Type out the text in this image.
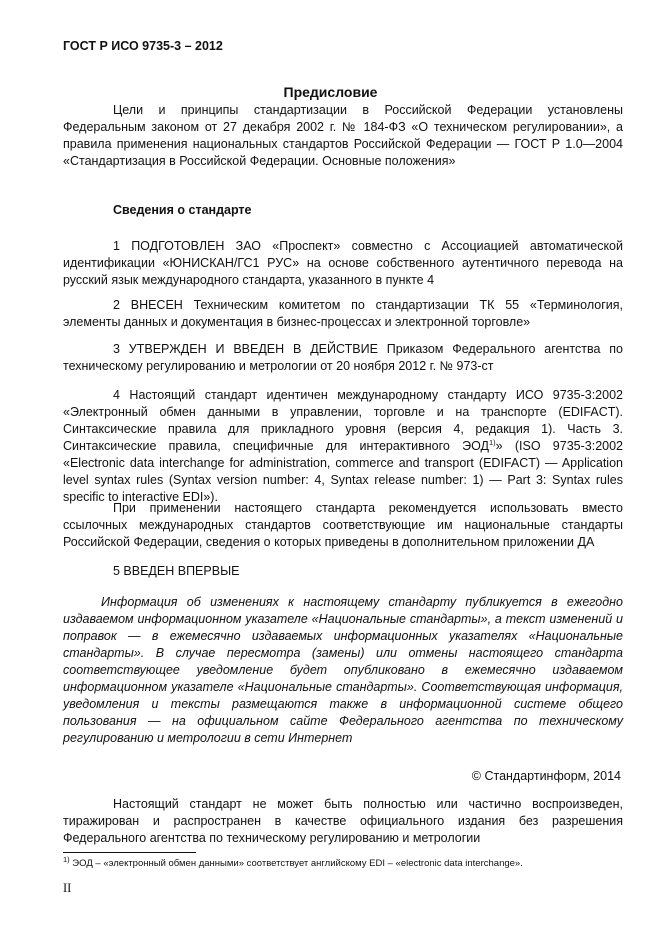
ГОСТ Р ИСО 9735-3 – 2012
Предисловие

Цели и принципы стандартизации в Российской Федерации установлены Федеральным законом от 27 декабря 2002 г. № 184-ФЗ «О техническом регулировании», а правила применения национальных стандартов Российской Федерации — ГОСТ Р 1.0—2004 «Стандартизация в Российской Федерации. Основные положения»

Сведения о стандарте

1 ПОДГОТОВЛЕН ЗАО «Проспект» совместно с Ассоциацией автоматической идентификации «ЮНИСКАН/ГС1 РУС» на основе собственного аутентичного перевода на русский язык международного стандарта, указанного в пункте 4

2 ВНЕСЕН Техническим комитетом по стандартизации ТК 55 «Терминология, элементы данных и документация в бизнес-процессах и электронной торговле»

3 УТВЕРЖДЕН И ВВЕДЕН В ДЕЙСТВИЕ Приказом Федерального агентства по техническому регулированию и метрологии от 20 ноября 2012 г. № 973-ст

4 Настоящий стандарт идентичен международному стандарту ИСО 9735-3:2002 «Электронный обмен данными в управлении, торговле и на транспорте (EDIFACT). Синтаксические правила для прикладного уровня (версия 4, редакция 1). Часть 3. Синтаксические правила, специфичные для интерактивного ЭОД$^{1)}$» (ISO 9735-3:2002 «Electronic data interchange for administration, commerce and transport (EDIFACT) — Application level syntax rules (Syntax version number: 4, Syntax release number: 1) — Part 3: Syntax rules specific to interactive EDI»).

При применении настоящего стандарта рекомендуется использовать вместо ссылочных международных стандартов соответствующие им национальные стандарты Российской Федерации, сведения о которых приведены в дополнительном приложении ДА

5 ВВЕДЕН ВПЕРВЫЕ

Информация об изменениях к настоящему стандарту публикуется в ежегодно издаваемом информационном указателе «Национальные стандарты», а текст изменений и поправок — в ежемесячно издаваемых информационных указателях «Национальные стандарты». В случае пересмотра (замены) или отмены настоящего стандарта соответствующее уведомление будет опубликовано в ежемесячно издаваемом информационном указателе «Национальные стандарты». Соответствующая информация, уведомления и тексты размещаются также в информационной системе общего пользования — на официальном сайте Федерального агентства по техническому регулированию и метрологии в сети Интернет

© Стандартинформ, 2014

Настоящий стандарт не может быть полностью или частично воспроизведен, тиражирован и распространен в качестве официального издания без разрешения Федерального агентства по техническому регулированию и метрологии

$^{1)}$ ЭОД – «электронный обмен данными» соответствует английскому EDI – «electronic data interchange».
II
